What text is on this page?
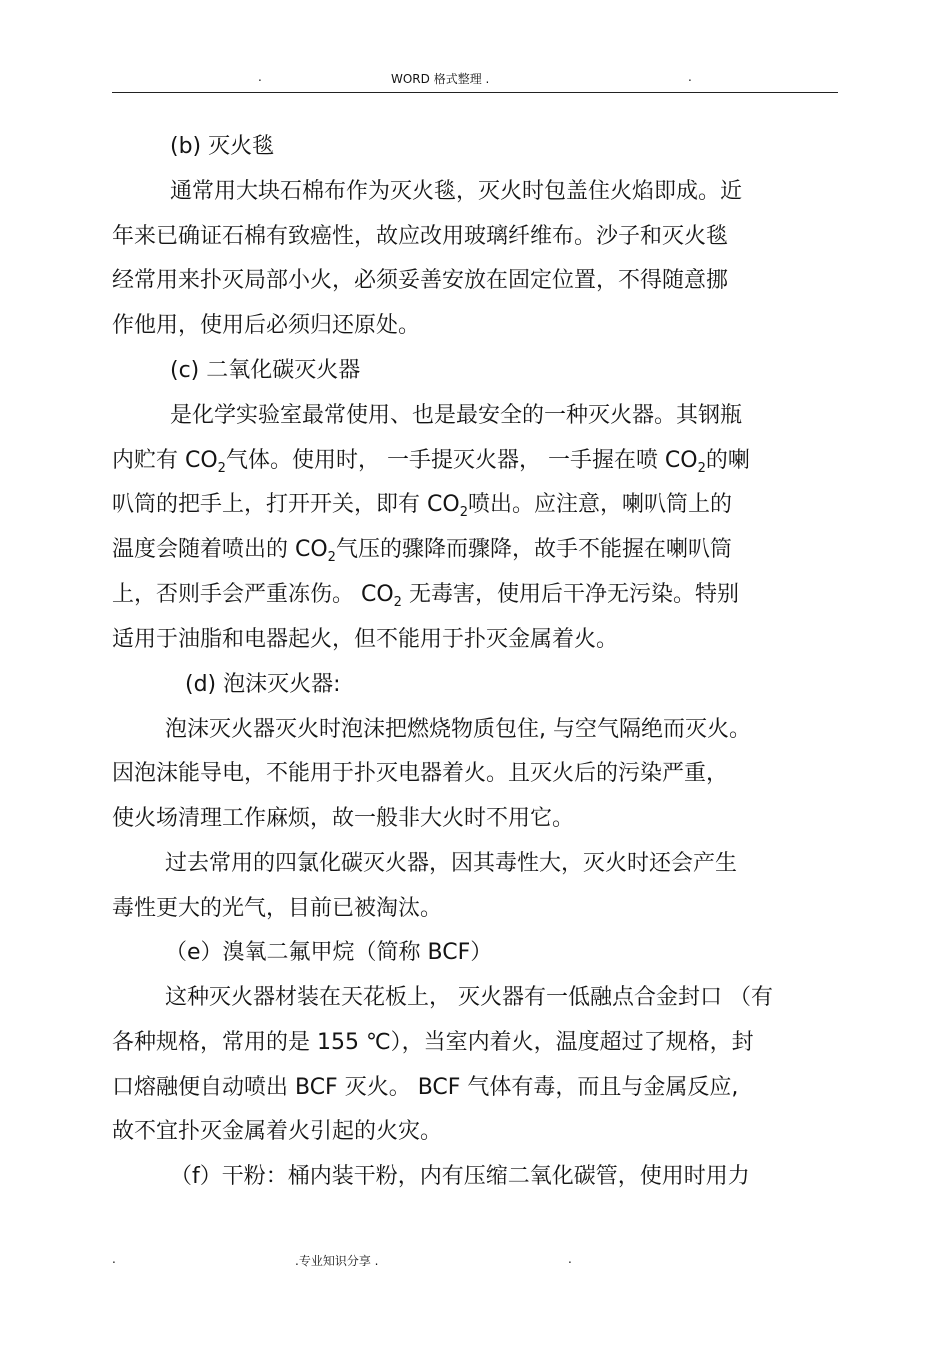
.	WORD 格式整理 .	.
(b) 灭火毯
通常用大块石棉布作为灭火毯，灭火时包盖住火焰即成。近
年来已确证石棉有致癌性，故应改用玻璃纤维布。沙子和灭火毯
经常用来扑灭局部小火，必须妥善安放在固定位置，不得随意挪
作他用，使用后必须归还原处。
(c) 二氧化碳灭火器
是化学实验室最常使用、也是最安全的一种灭火器。其钢瓶
内贮有 $CO_2$气体。使用时， 一手提灭火器， 一手握在喷 $CO_2$的喇
叭筒的把手上，打开开关，即有 $CO_2$喷出。应注意，喇叭筒上的
温度会随着喷出的 $CO_2$气压的骤降而骤降，故手不能握在喇叭筒
上，否则手会严重冻伤。 $CO_2$ 无毒害，使用后干净无污染。特别
适用于油脂和电器起火，但不能用于扑灭金属着火。
(d) 泡沫灭火器:
泡沫灭火器灭火时泡沫把燃烧物质包住, 与空气隔绝而灭火。
因泡沫能导电，不能用于扑灭电器着火。且灭火后的污染严重，
使火场清理工作麻烦，故一般非大火时不用它。
过去常用的四氯化碳灭火器，因其毒性大，灭火时还会产生
毒性更大的光气，目前已被淘汰。
（e）溴氧二氟甲烷（简称 BCF）
这种灭火器材装在天花板上， 灭火器有一低融点合金封口 （有
各种规格，常用的是 155 ℃），当室内着火，温度超过了规格，封
口熔融便自动喷出 BCF 灭火。 BCF 气体有毒，而且与金属反应,
故不宜扑灭金属着火引起的火灾。
（f）干粉：桶内装干粉，内有压缩二氧化碳管，使用时用力
.	.专业知识分享 .	.
